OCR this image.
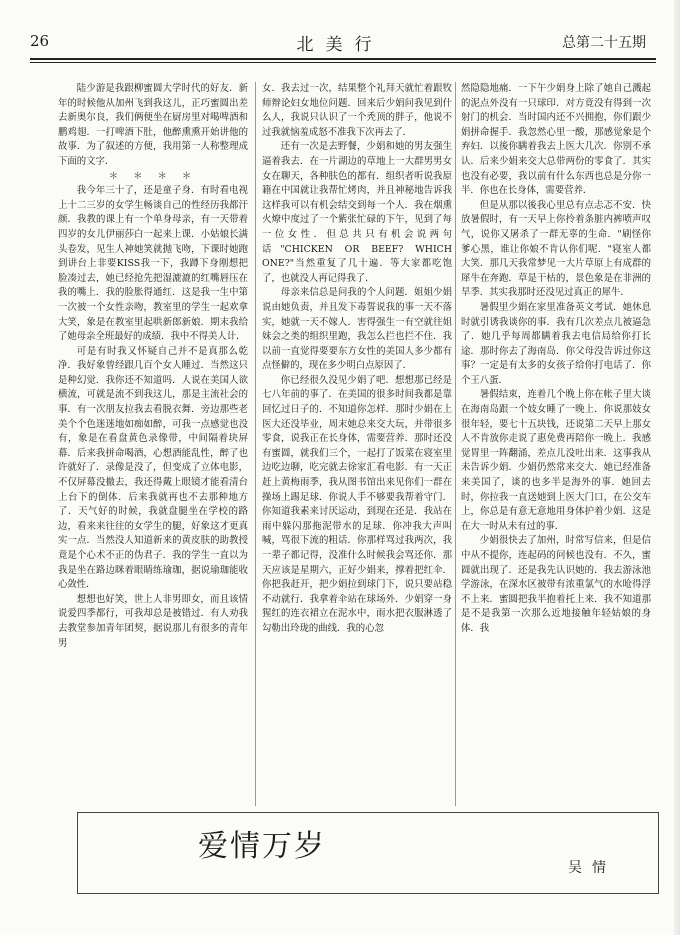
26	北美行	总第二十五期

陆少游是我跟柳蜜圆大学时代的好友．新年的时候他从加州飞到我这儿，正巧蜜圆出差去新奥尔良，我们俩便坐在厨房里对喝啤酒和鹏鸡翅．一打啤酒下肚，他醉熏熏开始讲他的故事．为了叙述的方便，我用第一人称整理成下面的文字．

＊ ＊ ＊ ＊

我今年三十了，还是童子身．有时看电视上十二三岁的女学生畅谈自己的性经历我都汗颜．我教的课上有一个单身母亲，有一天带着四岁的女儿伊丽莎白一起来上课．小姑娘长满头卷发，见生人神她笑就抛飞吻，下课时她跑到讲台上非要KISS我一下，我蹲下身刚想把脸凑过去，她已经抢先把湿漉漉的红嘴唇压在我的嘴上．我的脸胀得通红．这是我一生中第一次被一个女性亲吻，教室里的学生一起欢拿大笑，象是在教室里起哄新郎新娘．期末我给了她母亲全班最好的成绩．我中不得美人计．

可是有时我又怀疑自己并不是真那么乾净．我好象曾经跟几百个女人睡过．当然这只是种幻觉．我你还不知道吗．人说在美国人欲横流，可就是流不到我这儿，那是主流社会的事．有一次朋友拉我去看脱衣舞．旁边那些老美个个色迷迷地如痴如醉，可我一点感觉也没有，象是在看盘黄色录像带，中间隔着块屏幕．后来我拼命喝酒，心想酒能乱性，醉了也许就好了．录像是没了，但变成了立体电影，不仅屏幕没撤去，我还得戴上眼镜才能看清台上台下的倒体．后来我就再也不去那种地方了．天气好的时候，我就盘腿坐在学校的路边，看来来往往的女学生的腿，好象这才更真实一点．当然没人知道新来的黄皮肤的助教授竟是个心术不正的伪君子．我的学生一直以为我是坐在路边眯着眼睛练瑜珈，据说瑜珈能收心敛性．

想想也好笑，世上人非男即女，而且该情说爱四季都行，可我却总是被错过．有人劝我去教堂参加青年团契，据说那儿有很多的青年男

女．我去过一次，结果整个礼拜天就忙着跟牧师辩论妇女地位问题．回来后少娟问我见到什么人，我说只认识了一个秃顶的胖子，他说不过我就恼羞成怒不准我下次再去了．

还有一次是去野餐，少娟和她的男友强生逼着我去．在一片湖边的草地上一大群男男女女在聊天，各种肤色的都有．组织者听说我原籍在中国就让我帮忙烤肉，并且神秘地告诉我这样我可以有机会结交到每一个人．我在烟熏火燎中度过了一个紫张忙碌的下午，见到了每一位女性．但总共只有机会说两句话"CHICKEN OR BEEF? WHICH ONE?"当然重复了几十遍．等大家都吃饱了，也就没人再记得我了．

母亲来信总是问我的个人问题．姐姐少娟说由她负责，并且发下毒誓说我的事一天不落实，她就一天不嫁人．害得强生一有空就往姐妹会之类的组织里跑，我怎么拦也拦不住．我以前一直觉得要要东方女性的美国人多少都有点怪僻的，现在多少明白点原因了．

你已经很久没见少娟了吧．想想那已经是七八年前的事了．在美国的很多时间我都是靠回忆过日子的．不知道你怎样．那时少娟在上医大还没毕业，周末她总来交大玩，并带很多零食，说我正在长身体，需要营养．那时还没有蜜圆，就我们三个，一起打了饭菜在寝室里边吃边聊，吃完就去徐家汇看电影．有一天正赶上黄梅雨季，我从图书馆出来见你们一群在操场上踢足球．你说人手不够要我帮着守门．你知道我素来讨厌运动，到现在还是．我站在雨中躲闪那拖泥带水的足球．你冲我大声叫喊，骂很下流的粗话．你那样骂过我两次，我一辈子都记得，没准什么时候我会骂还你．那天应该是星期六，正好少娟来，撑着把红伞．你把我赶开，把少娟拉到球门下，说只要站稳不动就行．我拿着伞站在球场外．少娟穿一身猩红的连衣裙立在泥水中，雨水把衣服淋透了勾勒出玲珑的曲线．我的心忽

然隐隐地痛．一下午少娟身上除了她自己溅起的泥点外没有一只球印．对方竟没有得到一次射门的机会．当时国内还不兴拥抱，你们跟少娟拼命握手．我忽然心里一酸，那感觉象是个弃妇．以後你瞒着我去上医大几次．你别不承认．后来少娟来交大总带两份的零食了．其实也没有必要，我以前有什么东西也总是分你一半．你也在长身体，需要营养．

但是从那以後我心里总有点忐忑不安．快放暑假时，有一天早上你拎着条脏内裤喷声叹气，说你又屠杀了一群无辜的生命．"刷怪你爹心黑，谁让你娘不肯认你们呢．"寝室人都大笑．那几天我常梦见一大片草原上有成群的犀牛在奔跑．草是干枯的，景色象是在非洲的旱季．其实我那时还没见过真正的犀牛．

暑假里少娟在家里准备英文考试．她休息时就引诱我谈你的事．我有几次差点儿被逼急了．她几乎每周都瞒着我去电信局给你打长途．那时你去了海南岛．你父母没告诉过你这事？一定是有太多的女孩子给你打电话了．你个王八蛋．

暑假结束，连着几个晚上你在帐子里大谈在海南岛跟一个妓女睡了一晚上．你说那妓女很年轻，要七十五块钱，还说第二天早上那女人不肯放你走说了惠免费再陪你一晚上．我感觉胃里一阵翻涌，差点儿没吐出来．这事我从未告诉少娟．少娟仍然常来交大．她已经准备来美国了，谈的也多半是海外的事．她回去时，你拉我一直送她到上医大门口，在公交车上，你总是有意无意地用身体护着少娟．这是在大一时从未有过的事．

少娟很快去了加州，时常写信来，但是信中从不提你，连起码的问候也没有．不久，蜜圆就出现了．还是我先认识她的．我去游泳池学游泳，在深水区被带有浓重氯气的水呛得浮不上来．蜜圆把我半抱着托上来．我不知道那是不是我第一次那么近地接触年轻姑娘的身体．我

爱情万岁
吴情
